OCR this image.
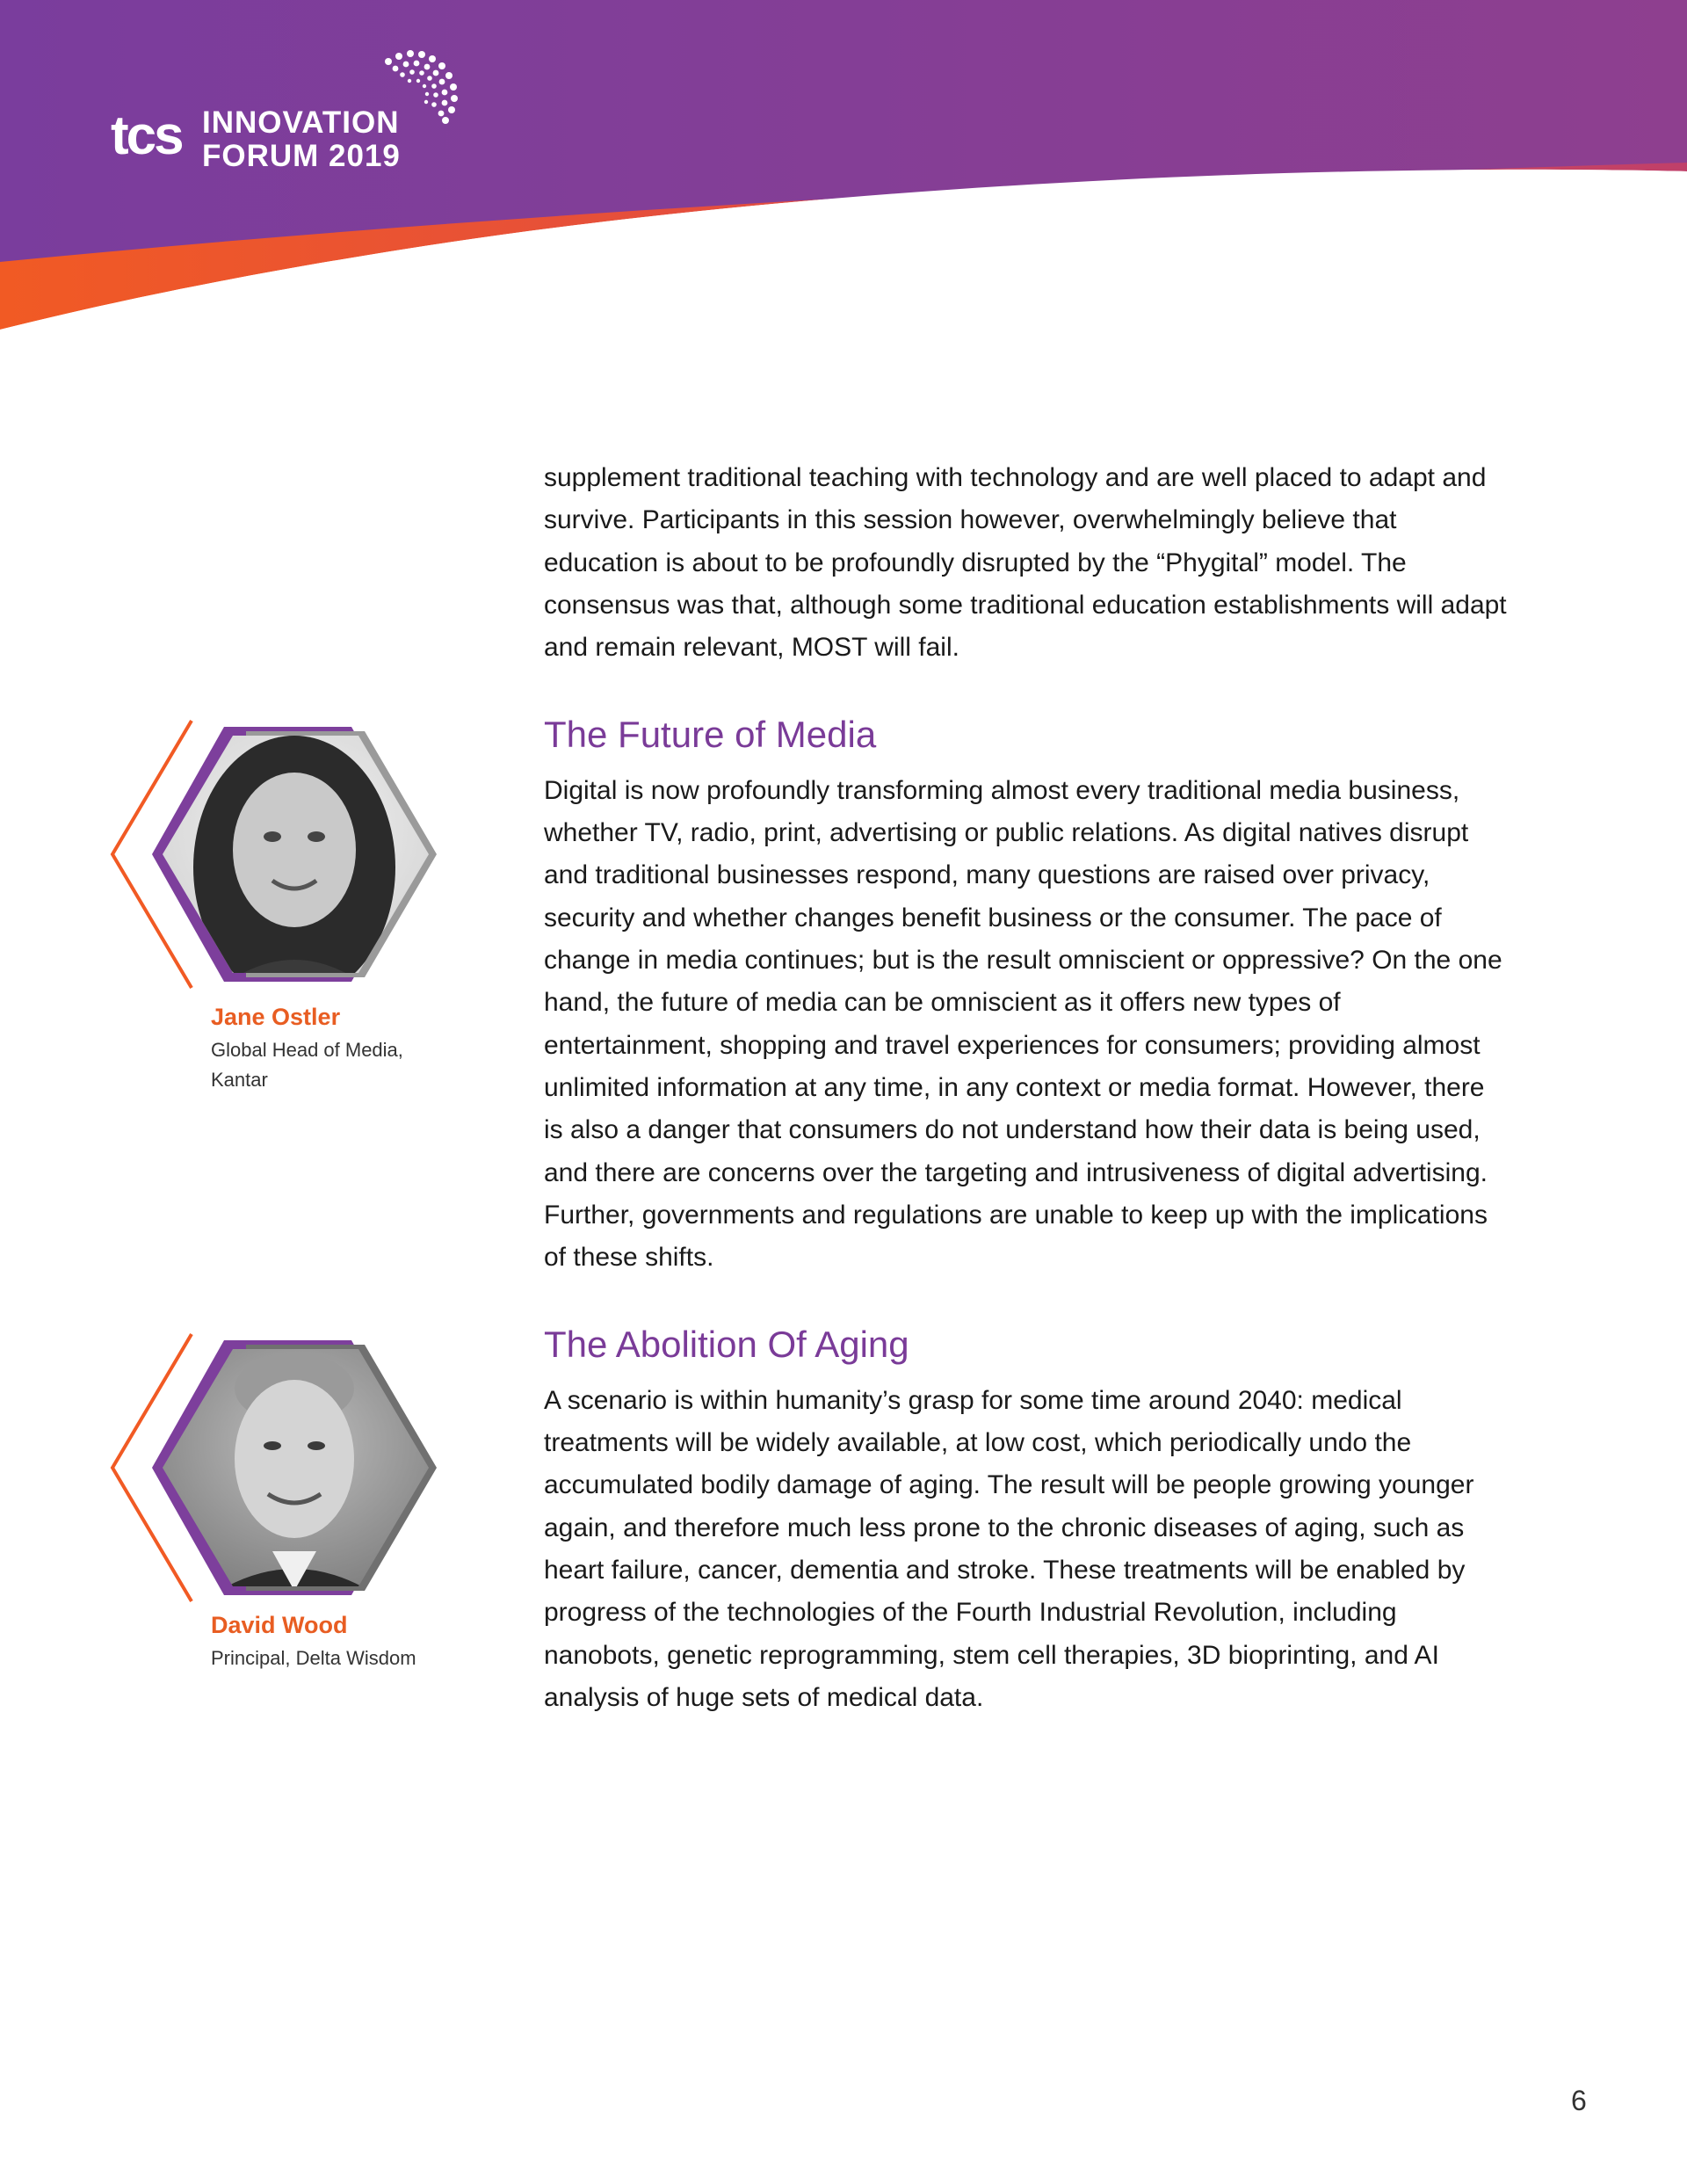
tcs INNOVATION
FORUM 2019

supplement traditional teaching with technology and are well placed to adapt and survive. Participants in this session however, overwhelmingly believe that education is about to be profoundly disrupted by the “Phygital” model. The consensus was that, although some traditional education establishments will adapt and remain relevant, MOST will fail.

The Future of Media

Digital is now profoundly transforming almost every traditional media business, whether TV, radio, print, advertising or public relations. As digital natives disrupt and traditional businesses respond, many questions are raised over privacy, security and whether changes benefit business or the consumer. The pace of change in media continues; but is the result omniscient or oppressive? On the one hand, the future of media can be omniscient as it offers new types of entertainment, shopping and travel experiences for consumers; providing almost unlimited information at any time, in any context or media format. However, there is also a danger that consumers do not understand how their data is being used, and there are concerns over the targeting and intrusiveness of digital advertising. Further, governments and regulations are unable to keep up with the implications of these shifts.

The Abolition Of Aging

A scenario is within humanity’s grasp for some time around 2040: medical treatments will be widely available, at low cost, which periodically undo the accumulated bodily damage of aging. The result will be people growing younger again, and therefore much less prone to the chronic diseases of aging, such as heart failure, cancer, dementia and stroke. These treatments will be enabled by progress of the technologies of the Fourth Industrial Revolution, including nanobots, genetic reprogramming, stem cell therapies, 3D bioprinting, and AI analysis of huge sets of medical data.

Jane Ostler
Global Head of Media,
Kantar
David Wood
Principal, Delta Wisdom
6
